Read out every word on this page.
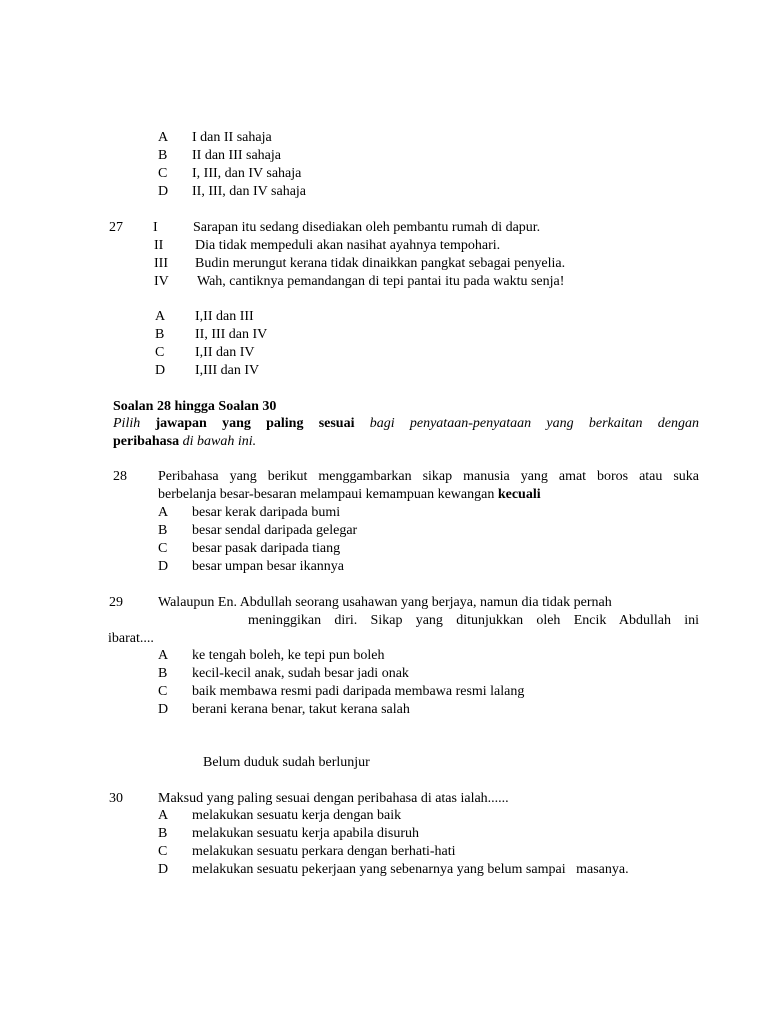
A I dan II sahaja
B II dan III sahaja
C I, III, dan IV sahaja
D II, III, dan IV sahaja
27 I	Sarapan itu sedang disediakan oleh pembantu rumah di dapur.
II Dia tidak mempeduli akan nasihat ayahnya tempohari.
III Budin merungut kerana tidak dinaikkan pangkat sebagai penyelia.
IV Wah, cantiknya pemandangan di tepi pantai itu pada waktu senja!
A I,II dan III
B II, III dan IV
C I,II dan IV
D I,III dan IV
Soalan 28 hingga Soalan 30
Pilih jawapan yang paling sesuai bagi penyataan-penyataan yang berkaitan dengan
peribahasa di bawah ini.
28 Peribahasa yang berikut menggambarkan sikap manusia yang amat boros atau suka
berbelanja besar-besaran melampaui kemampuan kewangan kecuali
A besar kerak daripada bumi
B besar sendal daripada gelegar
C besar pasak daripada tiang
D besar umpan besar ikannya
29	Walaupun En. Abdullah seorang usahawan yang berjaya, namun dia tidak pernah
meninggikan diri. Sikap yang ditunjukkan oleh Encik Abdullah ini
ibarat....
A ke tengah boleh, ke tepi pun boleh
B kecil-kecil anak, sudah besar jadi onak
C baik membawa resmi padi daripada membawa resmi lalang
D berani kerana benar, takut kerana salah
Belum duduk sudah berlunjur
30	Maksud yang paling sesuai dengan peribahasa di atas ialah......
A melakukan sesuatu kerja dengan baik
B melakukan sesuatu kerja apabila disuruh
C melakukan sesuatu perkara dengan berhati-hati
D melakukan sesuatu pekerjaan yang sebenarnya yang belum sampai   masanya.
